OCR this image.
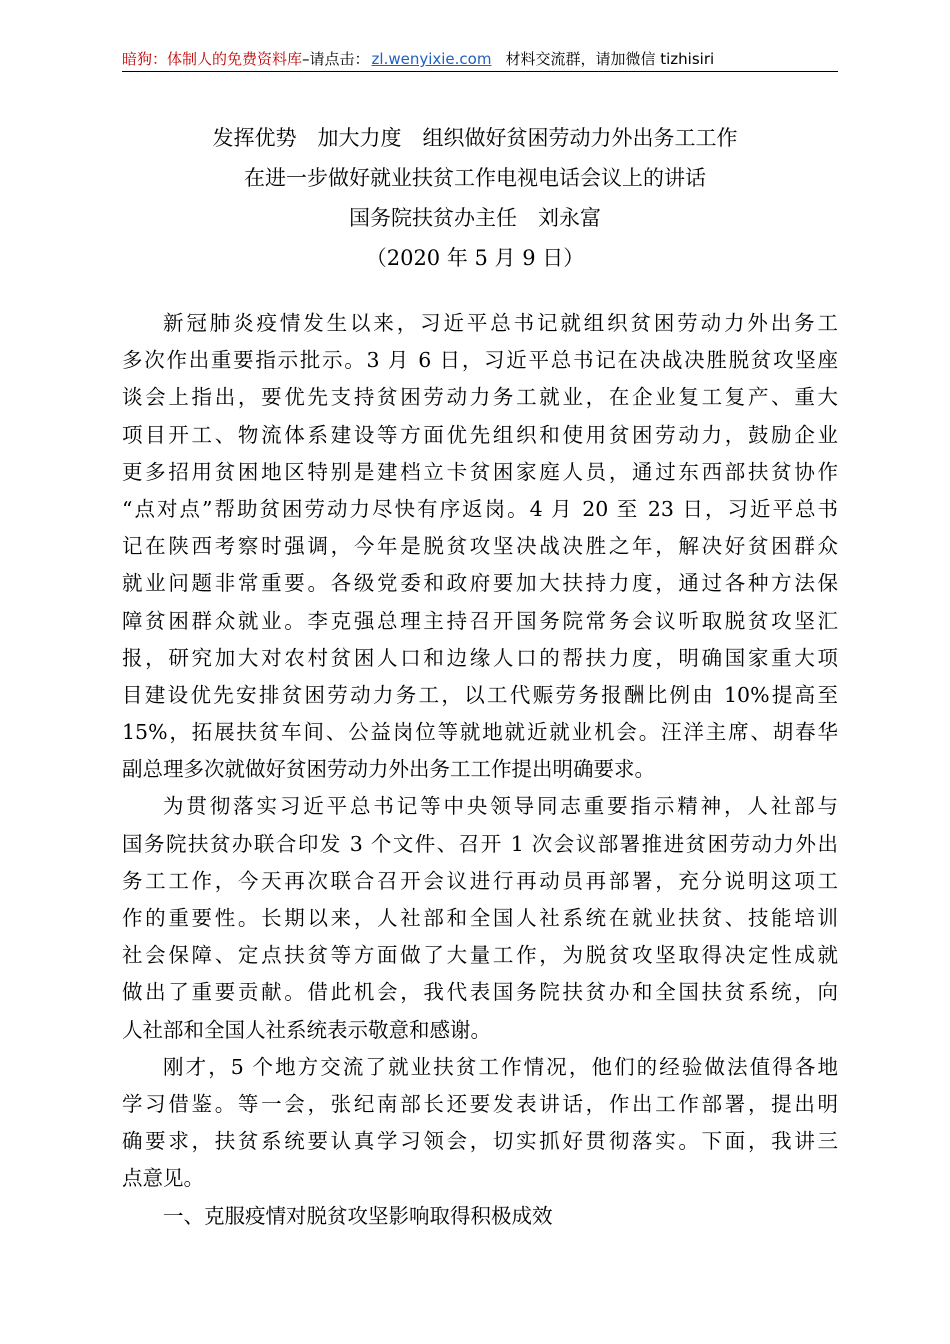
暗狗：体制人的免费资料库–请点击： zl.wenyixie.com 材料交流群，请加微信 tizhisiri
发挥优势　加大力度　组织做好贫困劳动力外出务工工作
在进一步做好就业扶贫工作电视电话会议上的讲话
国务院扶贫办主任　刘永富
（2020 年 5 月 9 日）
新冠肺炎疫情发生以来，习近平总书记就组织贫困劳动力外出务工
多次作出重要指示批示。3 月 6 日，习近平总书记在决战决胜脱贫攻坚座
谈会上指出，要优先支持贫困劳动力务工就业，在企业复工复产、重大
项目开工、物流体系建设等方面优先组织和使用贫困劳动力，鼓励企业
更多招用贫困地区特别是建档立卡贫困家庭人员，通过东西部扶贫协作
“点对点”帮助贫困劳动力尽快有序返岗。4 月 20 至 23 日，习近平总书
记在陕西考察时强调，今年是脱贫攻坚决战决胜之年，解决好贫困群众
就业问题非常重要。各级党委和政府要加大扶持力度，通过各种方法保
障贫困群众就业。李克强总理主持召开国务院常务会议听取脱贫攻坚汇
报，研究加大对农村贫困人口和边缘人口的帮扶力度，明确国家重大项
目建设优先安排贫困劳动力务工，以工代赈劳务报酬比例由 10%提高至
15%，拓展扶贫车间、公益岗位等就地就近就业机会。汪洋主席、胡春华
副总理多次就做好贫困劳动力外出务工工作提出明确要求。
为贯彻落实习近平总书记等中央领导同志重要指示精神，人社部与
国务院扶贫办联合印发 3 个文件、召开 1 次会议部署推进贫困劳动力外出
务工工作，今天再次联合召开会议进行再动员再部署，充分说明这项工
作的重要性。长期以来，人社部和全国人社系统在就业扶贫、技能培训
社会保障、定点扶贫等方面做了大量工作，为脱贫攻坚取得决定性成就
做出了重要贡献。借此机会，我代表国务院扶贫办和全国扶贫系统，向
人社部和全国人社系统表示敬意和感谢。
刚才，5 个地方交流了就业扶贫工作情况，他们的经验做法值得各地
学习借鉴。等一会，张纪南部长还要发表讲话，作出工作部署，提出明
确要求，扶贫系统要认真学习领会，切实抓好贯彻落实。下面，我讲三
点意见。
一、克服疫情对脱贫攻坚影响取得积极成效
